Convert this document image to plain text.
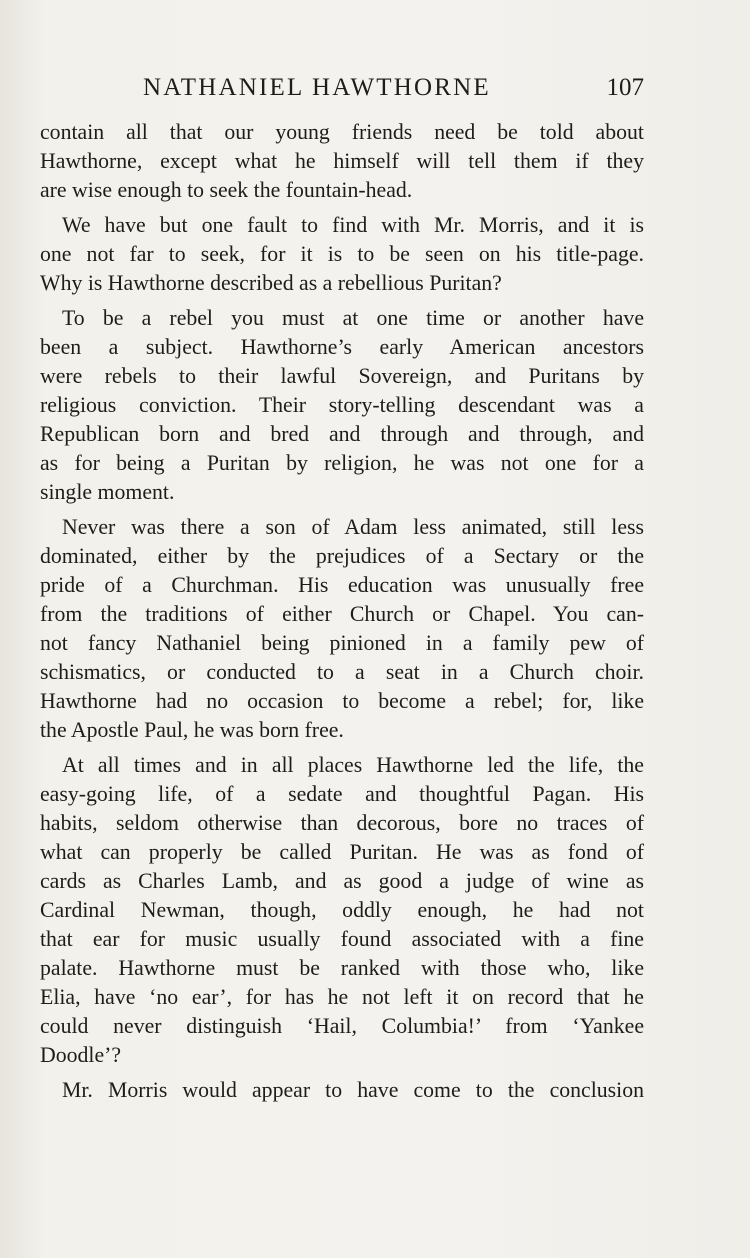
NATHANIEL HAWTHORNE	107
contain all that our young friends need be told about
Hawthorne, except what he himself will tell them if they
are wise enough to seek the fountain-head.
We have but one fault to find with Mr. Morris, and it is
one not far to seek, for it is to be seen on his title-page.
Why is Hawthorne described as a rebellious Puritan?
To be a rebel you must at one time or another have
been a subject. Hawthorne’s early American ancestors
were rebels to their lawful Sovereign, and Puritans by
religious conviction. Their story-telling descendant was a
Republican born and bred and through and through, and
as for being a Puritan by religion, he was not one for a
single moment.
Never was there a son of Adam less animated, still less
dominated, either by the prejudices of a Sectary or the
pride of a Churchman. His education was unusually free
from the traditions of either Church or Chapel. You can-
not fancy Nathaniel being pinioned in a family pew of
schismatics, or conducted to a seat in a Church choir.
Hawthorne had no occasion to become a rebel; for, like
the Apostle Paul, he was born free.
At all times and in all places Hawthorne led the life, the
easy-going life, of a sedate and thoughtful Pagan. His
habits, seldom otherwise than decorous, bore no traces of
what can properly be called Puritan. He was as fond of
cards as Charles Lamb, and as good a judge of wine as
Cardinal Newman, though, oddly enough, he had not
that ear for music usually found associated with a fine
palate. Hawthorne must be ranked with those who, like
Elia, have ‘no ear’, for has he not left it on record that he
could never distinguish ‘Hail, Columbia!’ from ‘Yankee
Doodle’?
Mr. Morris would appear to have come to the conclusion
